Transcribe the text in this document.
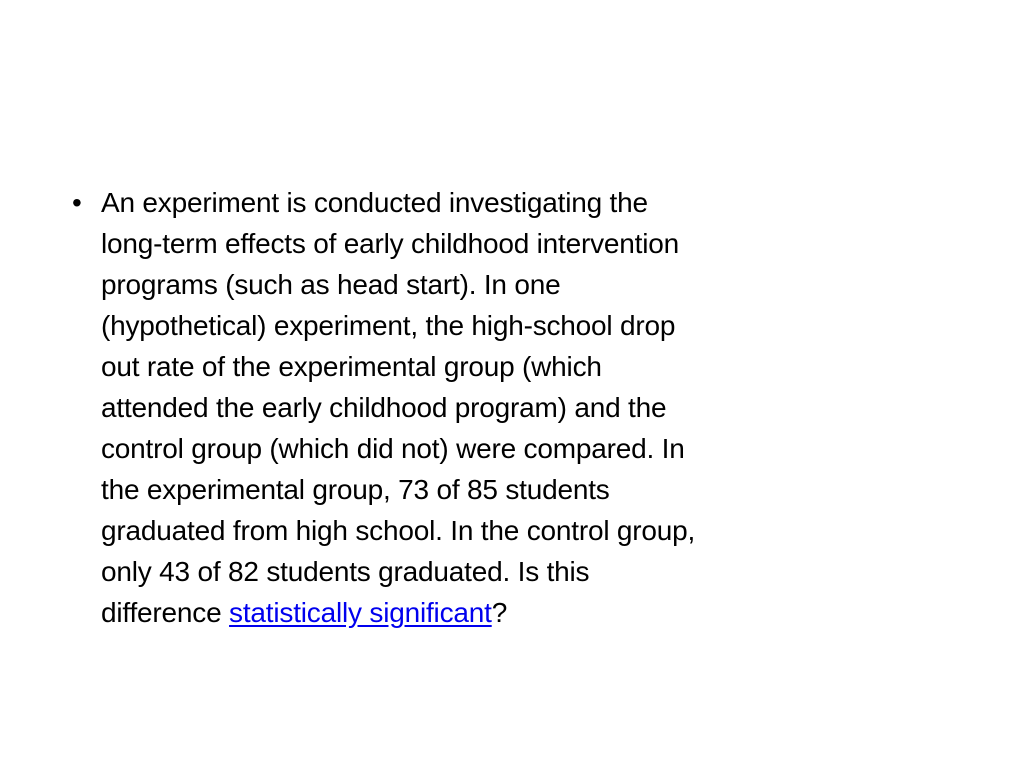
• An experiment is conducted investigating the
long-term effects of early childhood intervention
programs (such as head start). In one
(hypothetical) experiment, the high-school drop
out rate of the experimental group (which
attended the early childhood program) and the
control group (which did not) were compared. In
the experimental group, 73 of 85 students
graduated from high school. In the control group,
only 43 of 82 students graduated. Is this
difference statistically significant?
